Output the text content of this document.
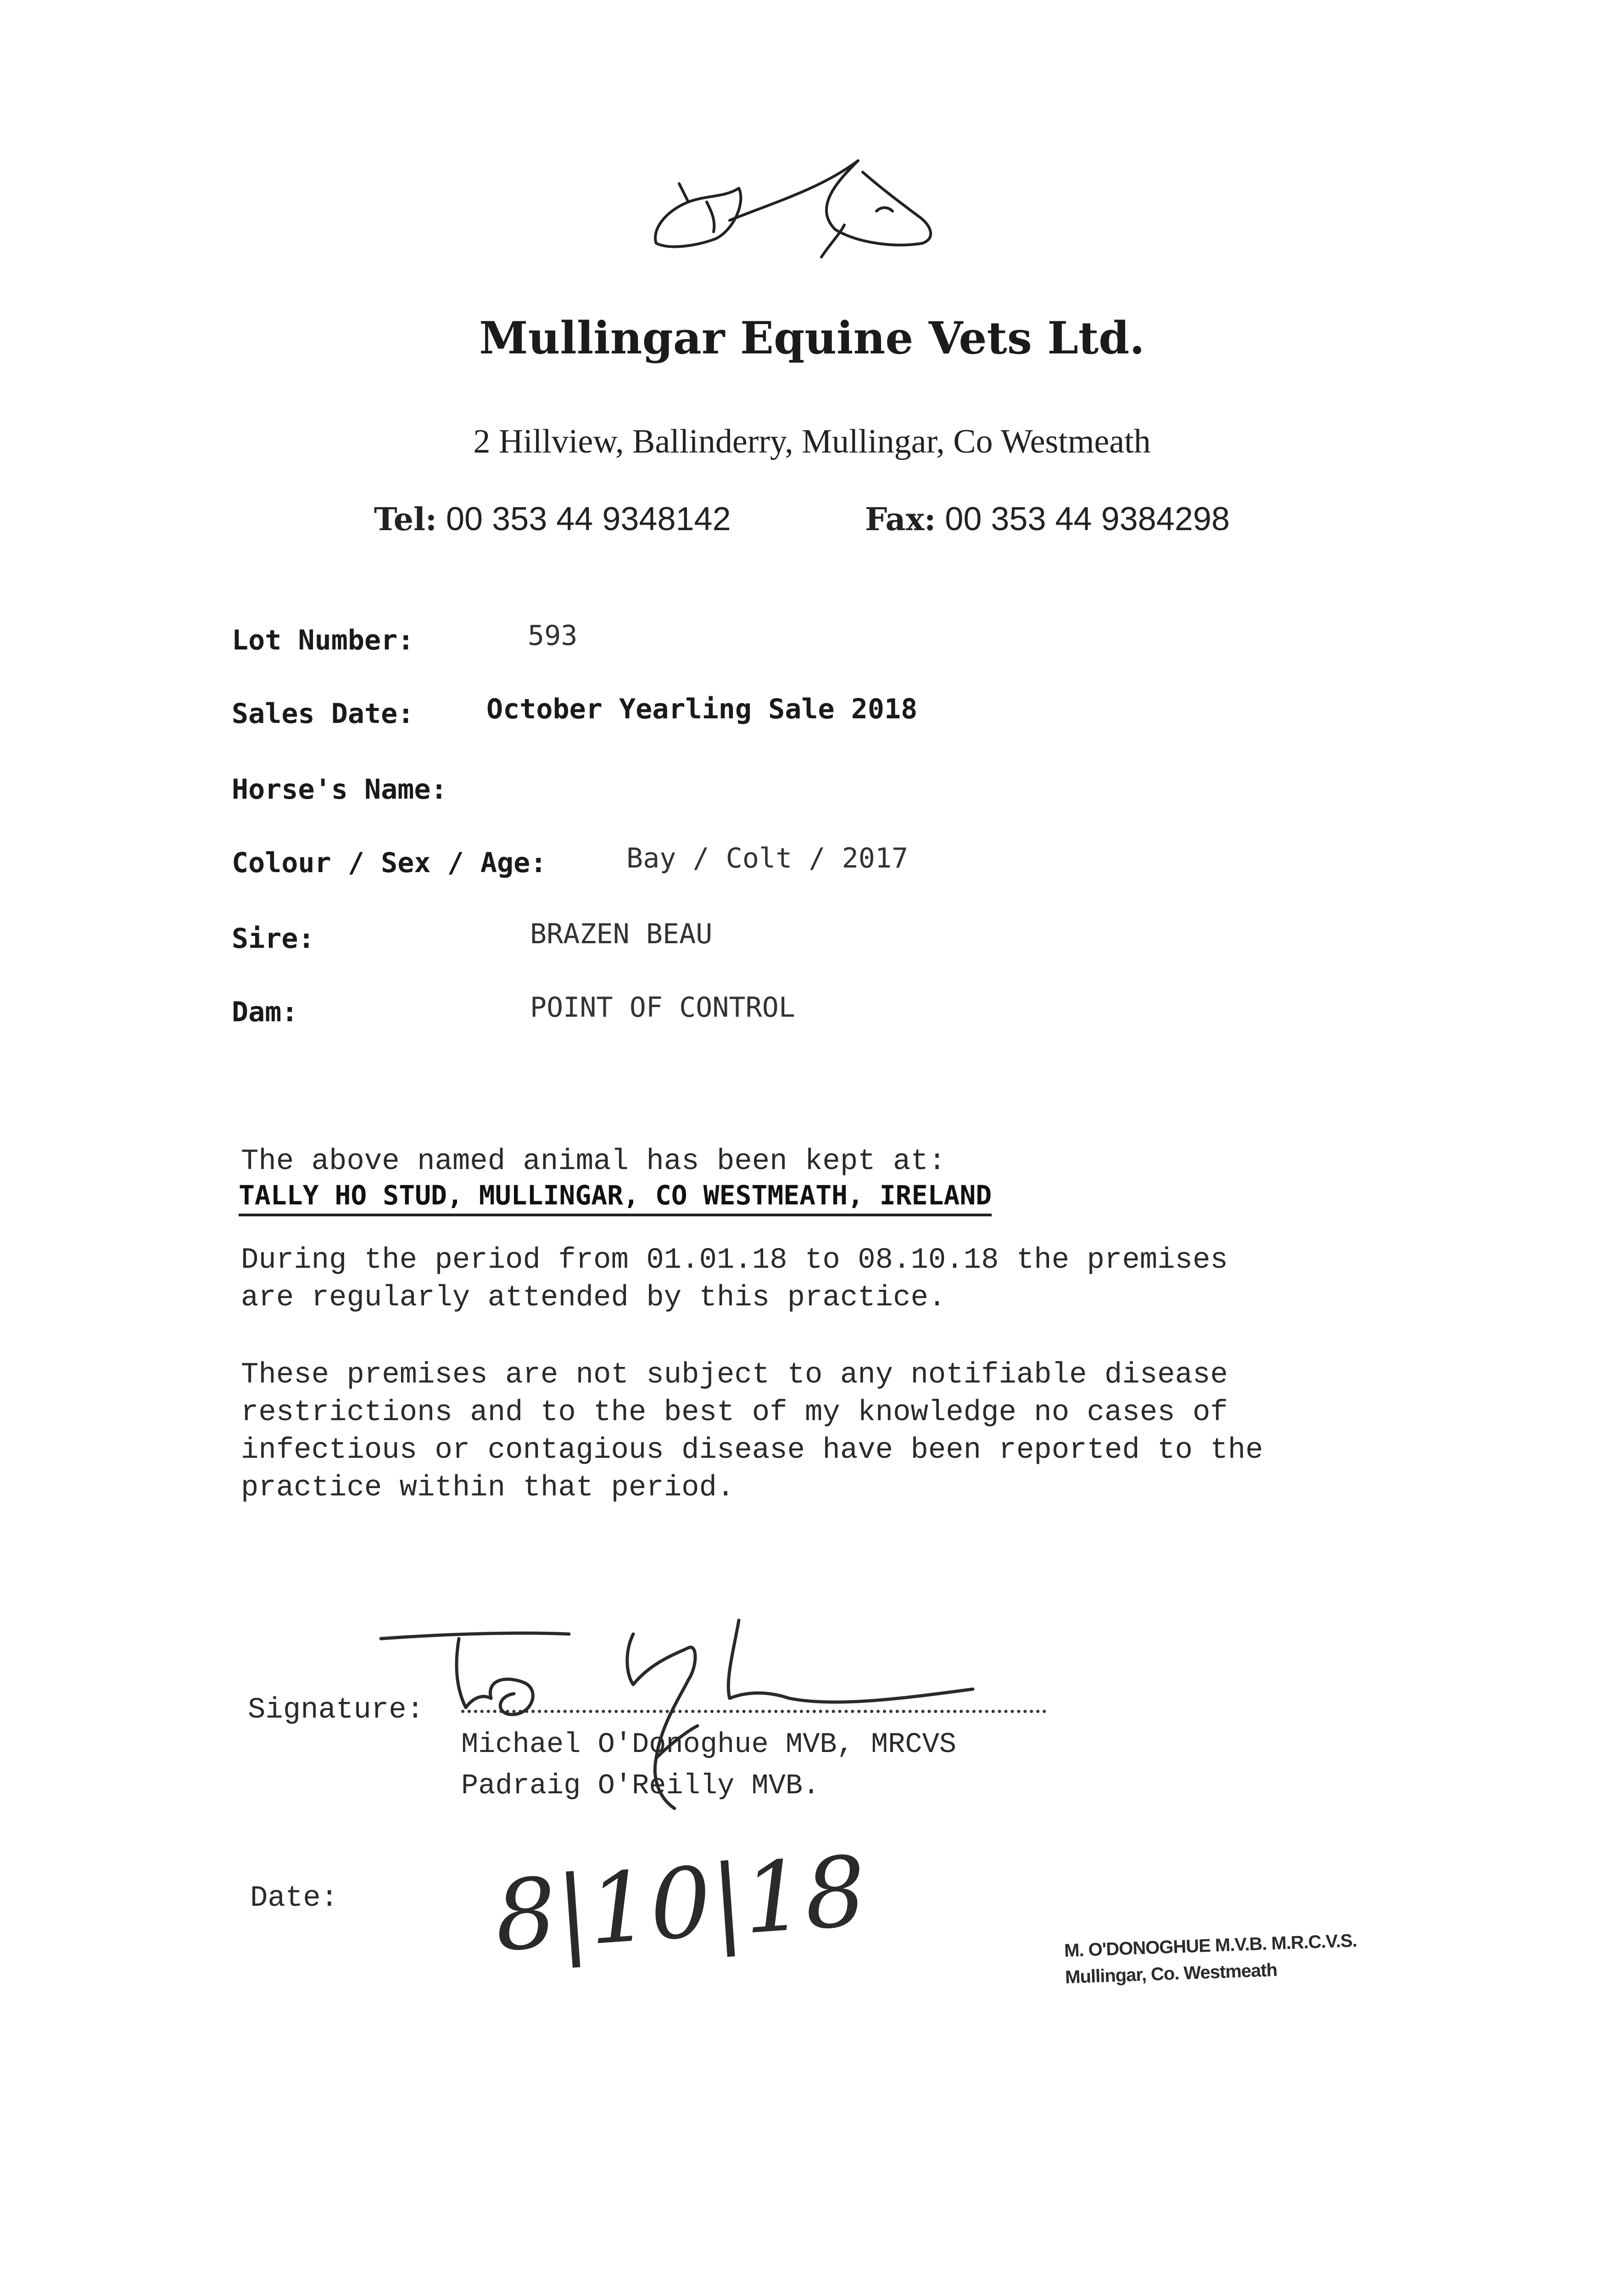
Mullingar Equine Vets Ltd.
2 Hillview, Ballinderry, Mullingar, Co Westmeath
Tel: 00 353 44 9348142	Fax: 00 353 44 9384298
Lot Number:	593
Sales Date:	October Yearling Sale 2018
Horse's Name:
Colour / Sex / Age:	Bay / Colt / 2017
Sire:	BRAZEN BEAU
Dam:	POINT OF CONTROL
The above named animal has been kept at:
TALLY HO STUD, MULLINGAR, CO WESTMEATH, IRELAND
During the period from 01.01.18 to 08.10.18 the premises
are regularly attended by this practice.
These premises are not subject to any notifiable disease
restrictions and to the best of my knowledge no cases of
infectious or contagious disease have been reported to the
practice within that period.
Signature:
Michael O'Donoghue MVB, MRCVS
Padraig O'Reilly MVB.
Date: 8|10|18	M. O'DONOGHUE M.V.B. M.R.C.V.S.
Mullingar, Co. Westmeath
